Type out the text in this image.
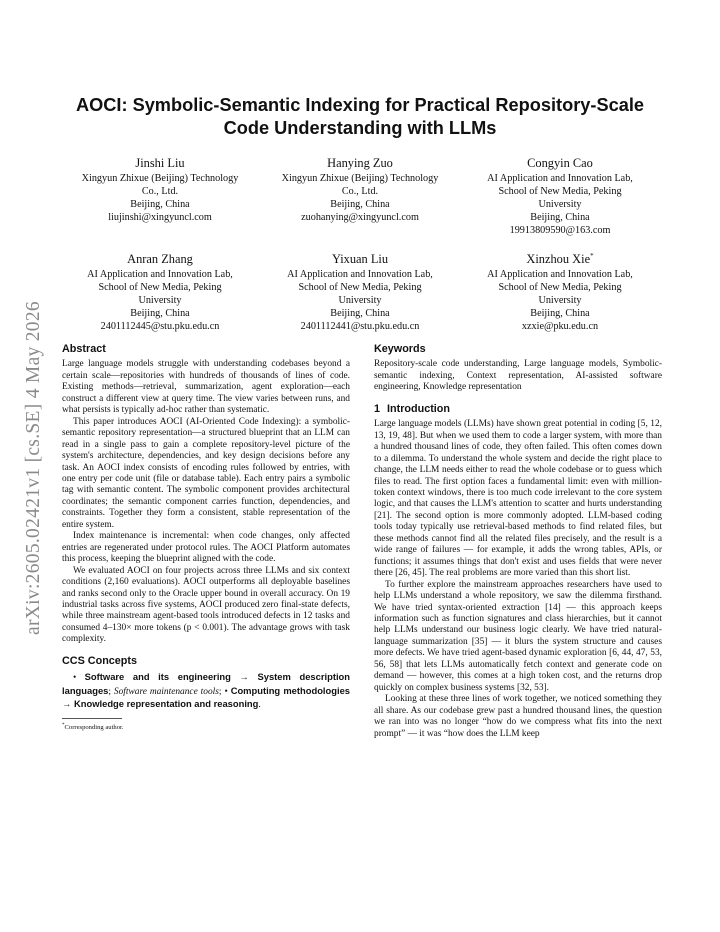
arXiv:2605.02421v1 [cs.SE] 4 May 2026
AOCI: Symbolic-Semantic Indexing for Practical Repository-Scale
Code Understanding with LLMs
Jinshi Liu
Xingyun Zhixue (Beijing) Technology
Co., Ltd.
Beijing, China
liujinshi@xingyuncl.com
Hanying Zuo
Xingyun Zhixue (Beijing) Technology
Co., Ltd.
Beijing, China
zuohanying@xingyuncl.com
Congyin Cao
AI Application and Innovation Lab,
School of New Media, Peking
University
Beijing, China
19913809590@163.com
Anran Zhang
AI Application and Innovation Lab,
School of New Media, Peking
University
Beijing, China
2401112445@stu.pku.edu.cn
Yixuan Liu
AI Application and Innovation Lab,
School of New Media, Peking
University
Beijing, China
2401112441@stu.pku.edu.cn
Xinzhou Xie*
AI Application and Innovation Lab,
School of New Media, Peking
University
Beijing, China
xzxie@pku.edu.cn
Abstract

Large language models struggle with understanding codebases beyond a certain scale—repositories with hundreds of thousands of lines of code. Existing methods—retrieval, summarization, agent exploration—each construct a different view at query time. The view varies between runs, and what persists is typically ad-hoc rather than systematic.

This paper introduces AOCI (AI-Oriented Code Indexing): a symbolic-semantic repository representation—a structured blueprint that an LLM can read in a single pass to gain a complete repository-level picture of the system's architecture, dependencies, and key design decisions before any task. An AOCI index consists of encoding rules followed by entries, with one entry per code unit (file or database table). Each entry pairs a symbolic tag with semantic content. The symbolic component provides architectural coordinates; the semantic component carries function, dependencies, and constraints. Together they form a consistent, stable representation of the entire system.

Index maintenance is incremental: when code changes, only affected entries are regenerated under protocol rules. The AOCI Platform automates this process, keeping the blueprint aligned with the code.

We evaluated AOCI on four projects across three LLMs and six context conditions (2,160 evaluations). AOCI outperforms all deployable baselines and ranks second only to the Oracle upper bound in overall accuracy. On 19 industrial tasks across five systems, AOCI produced zero final-state defects, while three mainstream agent-based tools introduced defects in 12 tasks and consumed 4–130× more tokens (p < 0.001). The advantage grows with task complexity.

CCS Concepts

• Software and its engineering → System description languages; Software maintenance tools; • Computing methodologies → Knowledge representation and reasoning.

*Corresponding author.
Keywords

Repository-scale code understanding, Large language models, Symbolic-semantic indexing, Context representation, AI-assisted software engineering, Knowledge representation

1 Introduction

Large language models (LLMs) have shown great potential in coding [5, 12, 13, 19, 48]. But when we used them to code a larger system, with more than a hundred thousand lines of code, they often failed. This often comes down to a dilemma. To understand the whole system and decide the right place to change, the LLM needs either to read the whole codebase or to guess which files to read. The first option faces a fundamental limit: even with million-token context windows, there is too much code irrelevant to the core system logic, and that causes the LLM's attention to scatter and hurts understanding [21]. The second option is more commonly adopted. LLM-based coding tools today typically use retrieval-based methods to find related files, but these methods cannot find all the related files precisely, and the result is a wide range of failures — for example, it adds the wrong tables, APIs, or functions; it assumes things that don't exist and uses fields that were never there [26, 45]. The real problems are more varied than this short list.

To further explore the mainstream approaches researchers have used to help LLMs understand a whole repository, we saw the dilemma firsthand. We have tried syntax-oriented extraction [14] — this approach keeps information such as function signatures and class hierarchies, but it cannot help LLMs understand our business logic clearly. We have tried natural-language summarization [35] — it blurs the system structure and causes more defects. We have tried agent-based dynamic exploration [6, 44, 47, 53, 56, 58] that lets LLMs automatically fetch context and generate code on demand — however, this comes at a high token cost, and the returns drop quickly on complex business systems [32, 53].

Looking at these three lines of work together, we noticed something they all share. As our codebase grew past a hundred thousand lines, the question we ran into was no longer “how do we compress what fits into the next prompt” — it was “how does the LLM keep
